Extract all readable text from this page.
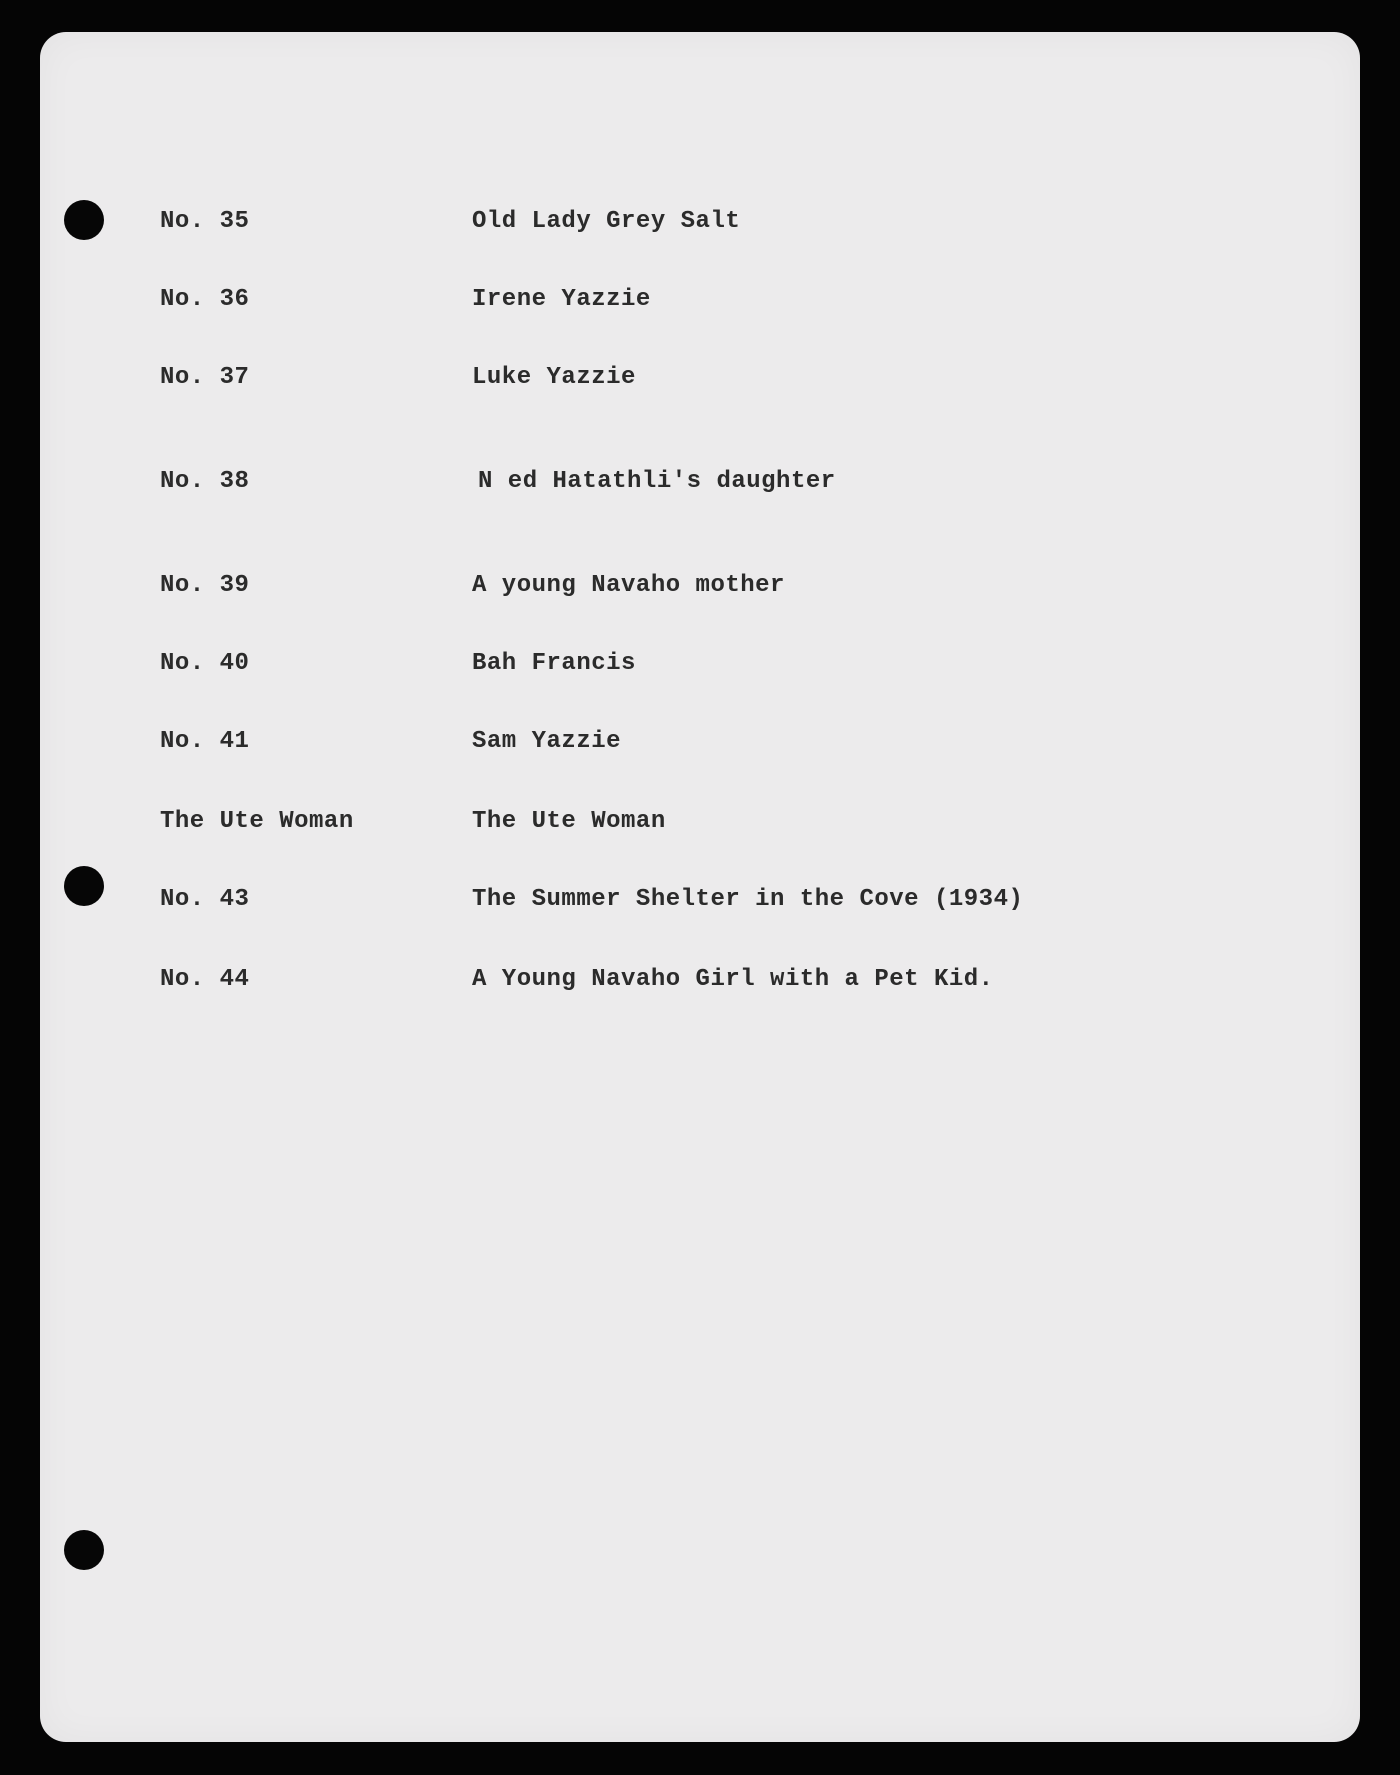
No. 35	Old Lady Grey Salt
No. 36	Irene Yazzie
No. 37	Luke Yazzie
No. 38	N ed Hatathli's daughter
No. 39	A young Navaho mother
No. 40	Bah Francis
No. 41	Sam Yazzie
The Ute Woman	The Ute Woman
No. 43	The Summer Shelter in the Cove (1934)
No. 44	A Young Navaho Girl with a Pet Kid.
